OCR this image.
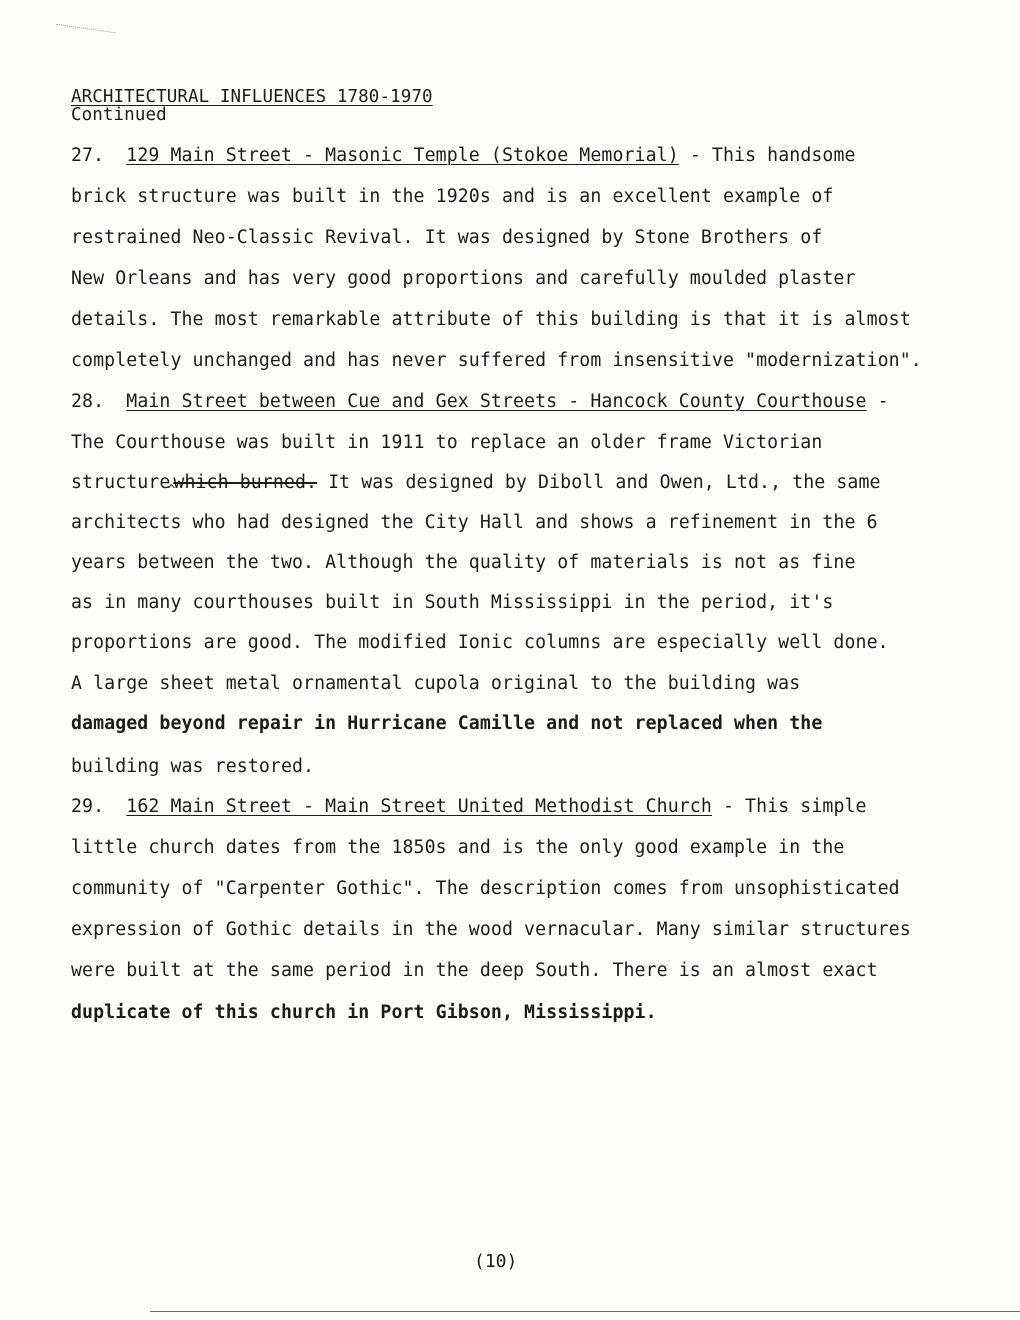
ARCHITECTURAL INFLUENCES 1780-1970
Continued
27. 129 Main Street - Masonic Temple (Stokoe Memorial) - This handsome
brick structure was built in the 1920s and is an excellent example of
restrained Neo-Classic Revival. It was designed by Stone Brothers of
New Orleans and has very good proportions and carefully moulded plaster
details. The most remarkable attribute of this building is that it is almost
completely unchanged and has never suffered from insensitive "modernization".
28. Main Street between Cue and Gex Streets - Hancock County Courthouse -
The Courthouse was built in 1911 to replace an older frame Victorian
structure$_{\^{}}$which burned. It was designed by Diboll and Owen, Ltd., the same
architects who had designed the City Hall and shows a refinement in the 6
years between the two. Although the quality of materials is not as fine
as in many courthouses built in South Mississippi in the period, it's
proportions are good. The modified Ionic columns are especially well done.
A large sheet metal ornamental cupola original to the building was
damaged beyond repair in Hurricane Camille and not replaced when the
building was restored.
29. 162 Main Street - Main Street United Methodist Church - This simple
little church dates from the 1850s and is the only good example in the
community of "Carpenter Gothic". The description comes from unsophisticated
expression of Gothic details in the wood vernacular. Many similar structures
were built at the same period in the deep South. There is an almost exact
duplicate of this church in Port Gibson, Mississippi.
(10)
